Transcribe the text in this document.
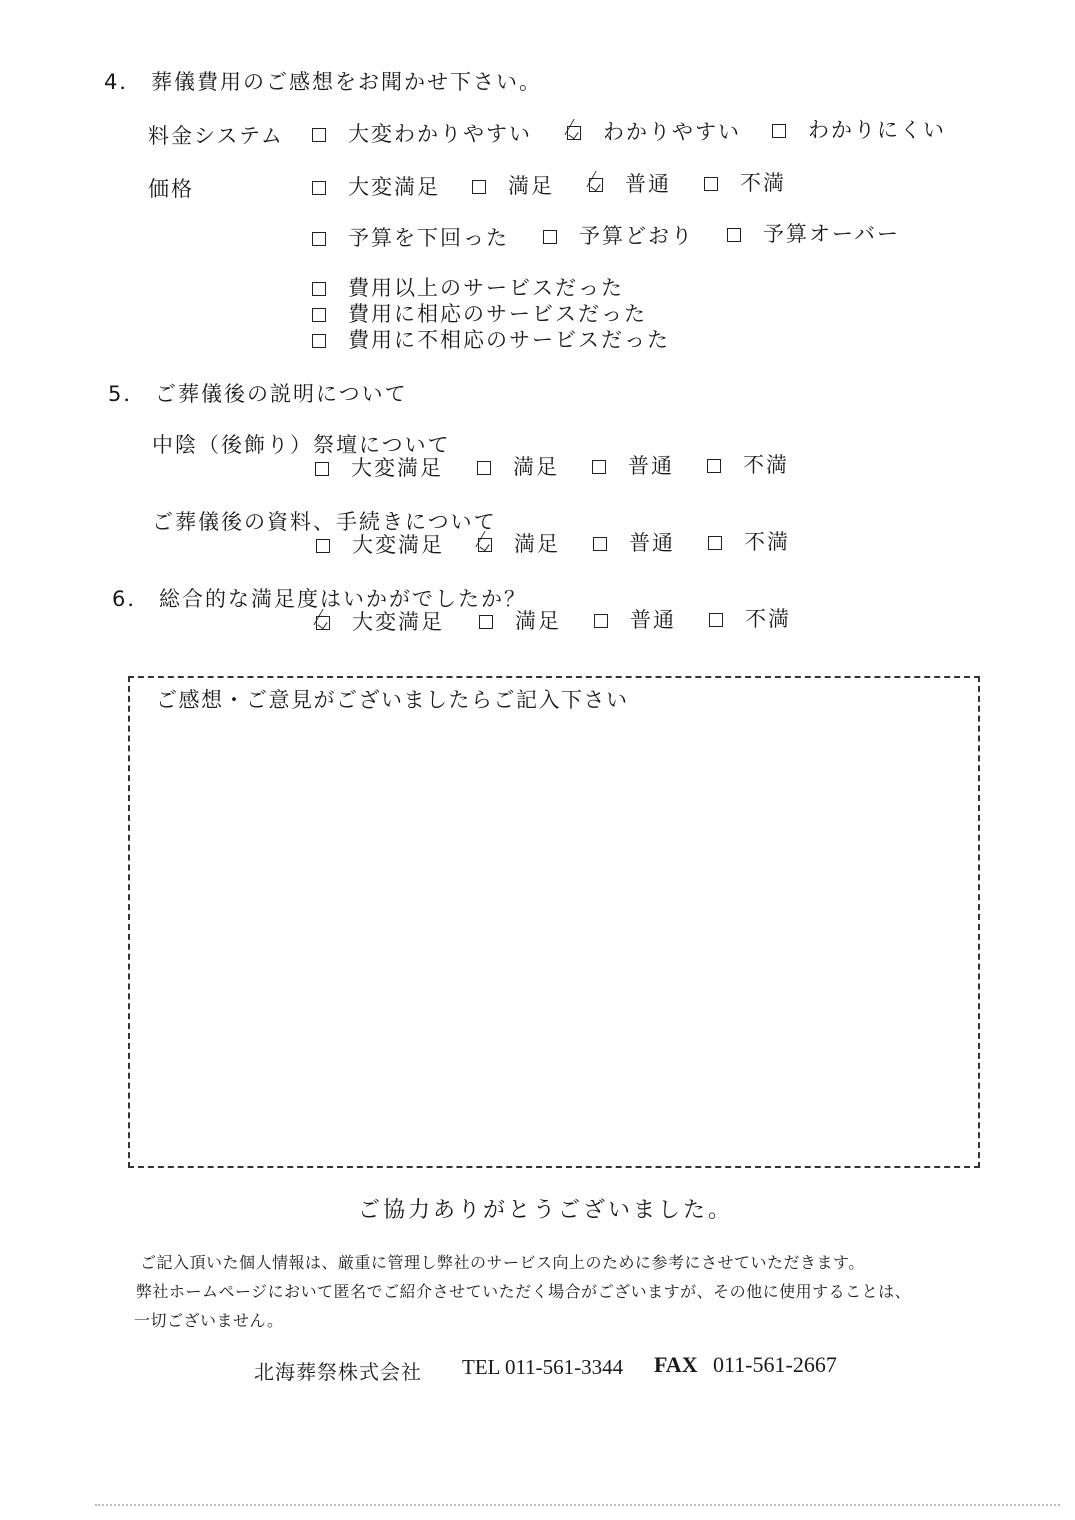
4． 葬儀費用のご感想をお聞かせ下さい。
料金システム	大変わかりやすい	わかりやすい	わかりにくい
価格	大変満足	満足	普通	不満
予算を下回った	予算どおり	予算オーバー
費用以上のサービスだった
費用に相応のサービスだった
費用に不相応のサービスだった
5． ご葬儀後の説明について
中陰（後飾り）祭壇について
大変満足	満足	普通	不満
ご葬儀後の資料、手続きについて
大変満足	満足	普通	不満
6． 総合的な満足度はいかがでしたか？
大変満足	満足	普通	不満
ご感想・ご意見がございましたらご記入下さい
ご協力ありがとうございました。
ご記入頂いた個人情報は、厳重に管理し弊社のサービス向上のために参考にさせていただきます。
弊社ホームページにおいて匿名でご紹介させていただく場合がございますが、その他に使用することは、
一切ございません。
北海葬祭株式会社 TEL 011-561-3344 FAX 011-561-2667
